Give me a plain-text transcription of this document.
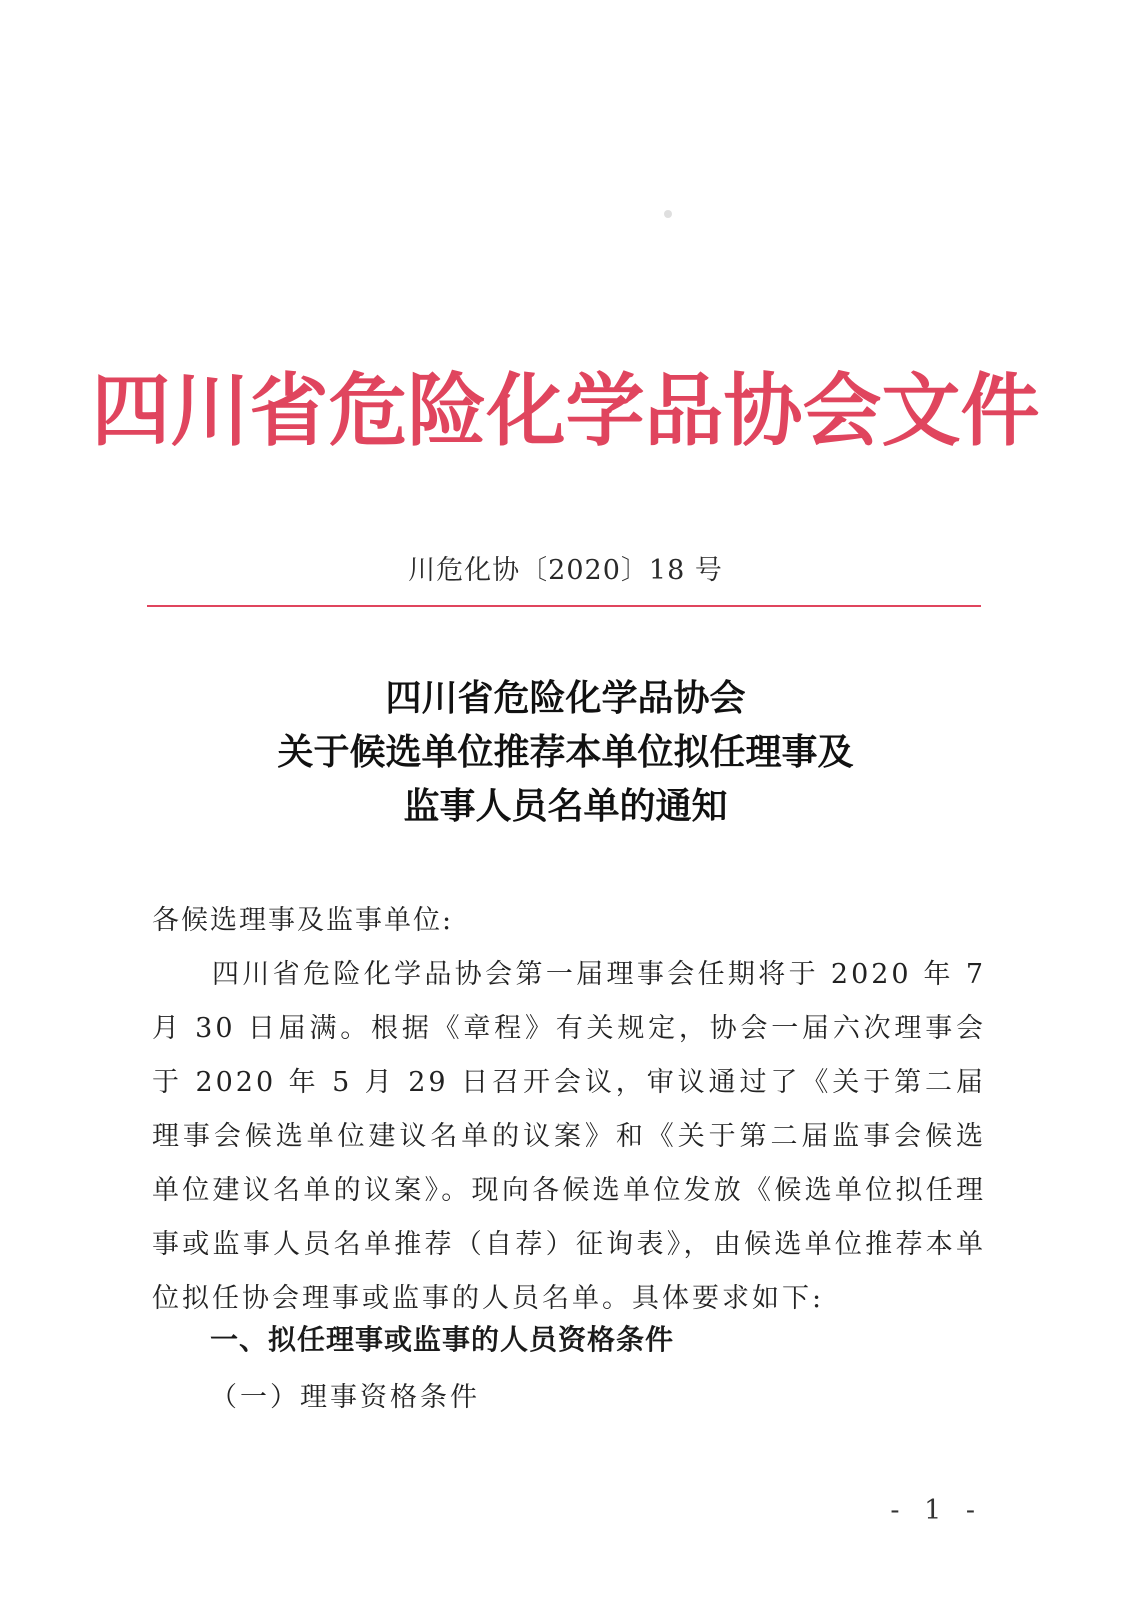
四川省危险化学品协会文件
川危化协〔2020〕18 号
四川省危险化学品协会
关于候选单位推荐本单位拟任理事及
监事人员名单的通知
各候选理事及监事单位:
四川省危险化学品协会第一届理事会任期将于 2020 年 7 月 30 日届满。根据《章程》有关规定，协会一届六次理事会于 2020 年 5 月 29 日召开会议，审议通过了《关于第二届理事会候选单位建议名单的议案》和《关于第二届监事会候选单位建议名单的议案》。现向各候选单位发放《候选单位拟任理事或监事人员名单推荐（自荐）征询表》，由候选单位推荐本单位拟任协会理事或监事的人员名单。具体要求如下:
一、拟任理事或监事的人员资格条件
（一）理事资格条件
- 1 -
